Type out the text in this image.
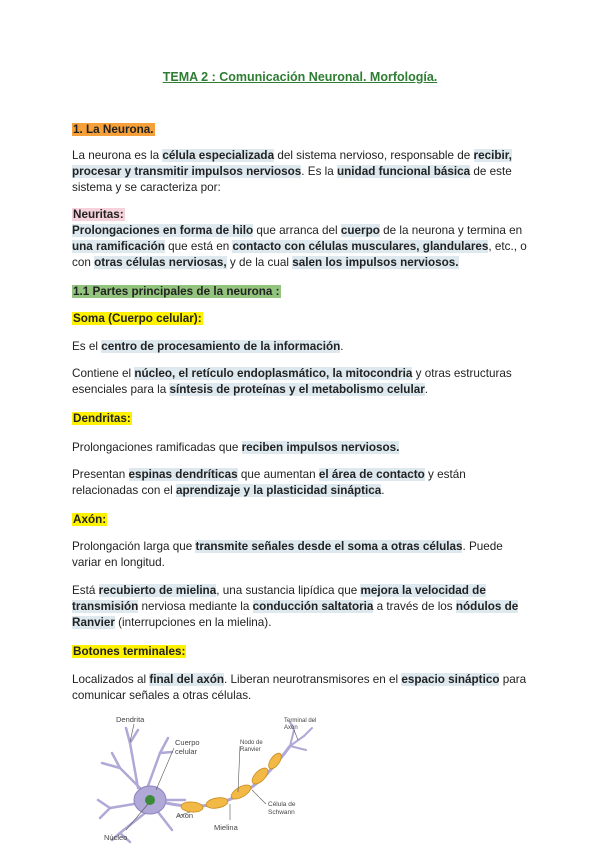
TEMA 2 : Comunicación Neuronal. Morfología.
1. La Neurona.
La neurona es la célula especializada del sistema nervioso, responsable de recibir, procesar y transmitir impulsos nerviosos. Es la unidad funcional básica de este sistema y se caracteriza por:
Neuritas:
Prolongaciones en forma de hilo que arranca del cuerpo de la neurona y termina en una ramificación que está en contacto con células musculares, glandulares, etc., o con otras células nerviosas, y de la cual salen los impulsos nerviosos.
1.1 Partes principales de la neurona :
Soma (Cuerpo celular):
Es el centro de procesamiento de la información.
Contiene el núcleo, el retículo endoplasmático, la mitocondria y otras estructuras esenciales para la síntesis de proteínas y el metabolismo celular.
Dendritas:
Prolongaciones ramificadas que reciben impulsos nerviosos.
Presentan espinas dendríticas que aumentan el área de contacto y están relacionadas con el aprendizaje y la plasticidad sináptica.
Axón:
Prolongación larga que transmite señales desde el soma a otras células. Puede variar en longitud.
Está recubierto de mielina, una sustancia lipídica que mejora la velocidad de transmisión nerviosa mediante la conducción saltatoria a través de los nódulos de Ranvier (interrupciones en la mielina).
Botones terminales:
Localizados al final del axón. Liberan neurotransmisores en el espacio sináptico para comunicar señales a otras células.
Dendrita
Cuerpo
celular
Nodo de
Ranvier
Terminal del
Axón
Axon
Célula de
Schwann
Mielina
Núcleo
